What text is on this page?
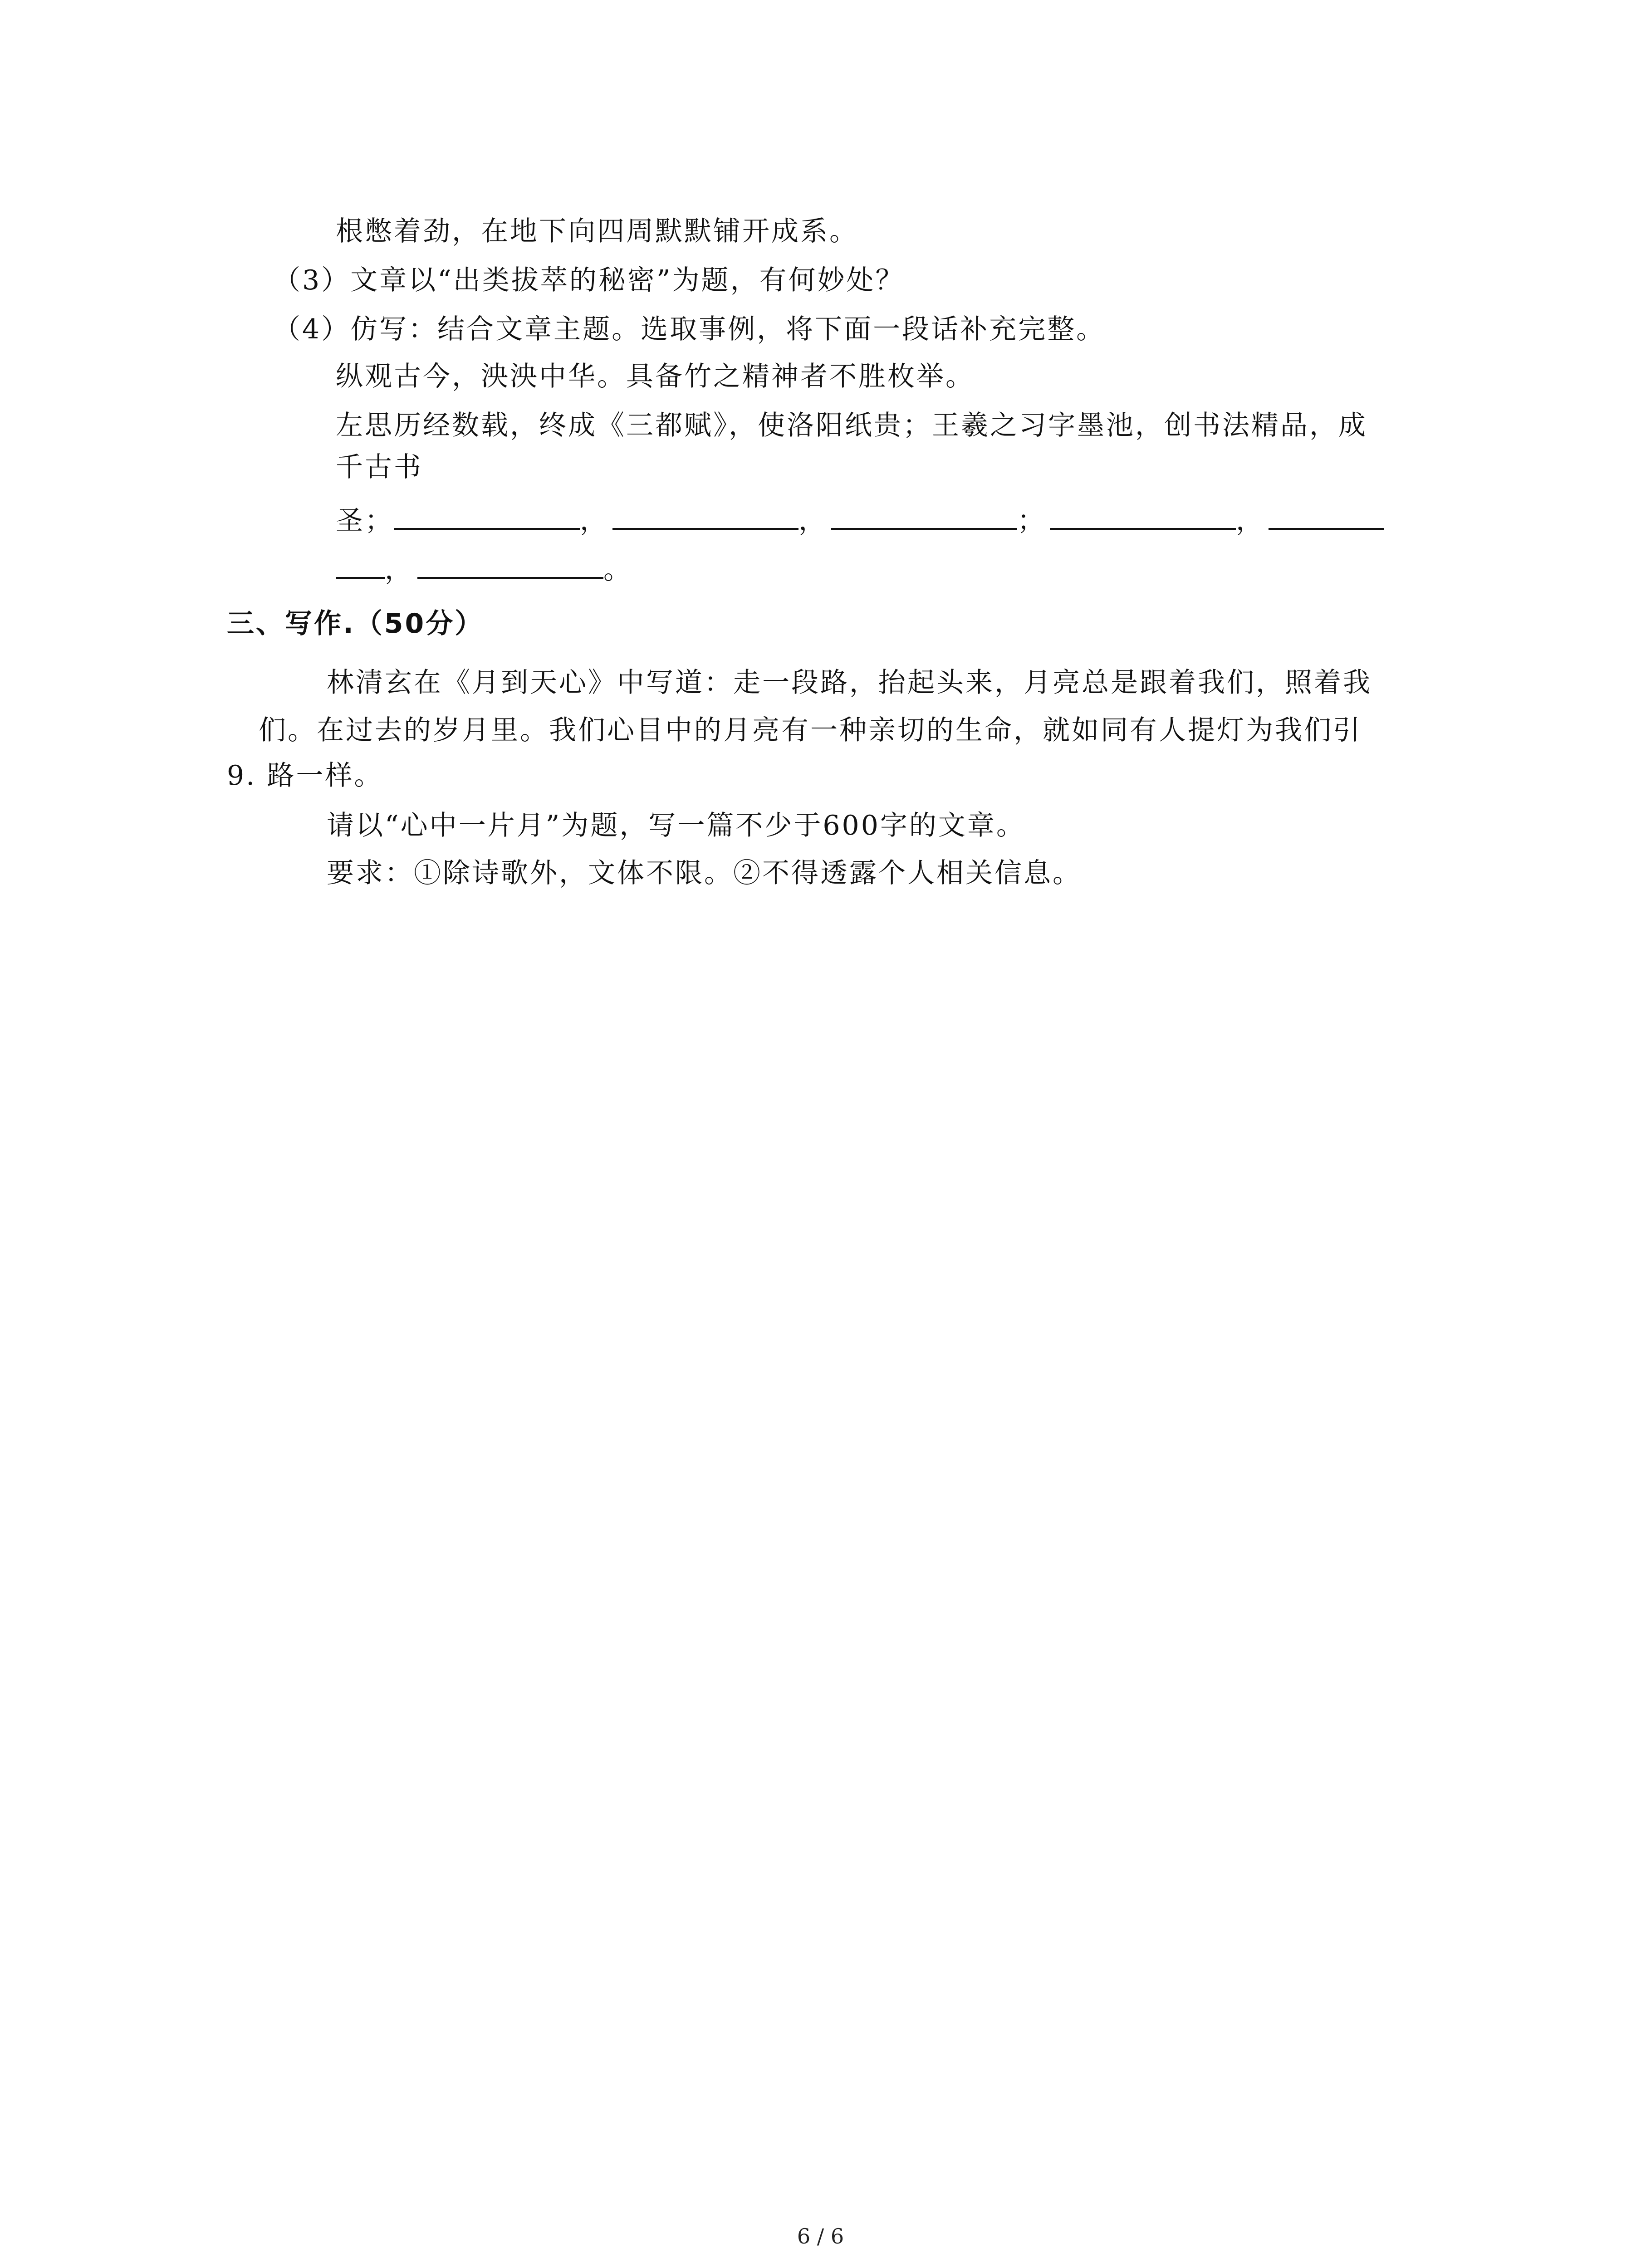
根憋着劲，在地下向四周默默铺开成系。
（3）文章以“出类拔萃的秘密”为题，有何妙处？
（4）仿写：结合文章主题。选取事例，将下面一段话补充完整。
纵观古今，泱泱中华。具备竹之精神者不胜枚举。
左思历经数载，终成《三都赋》，使洛阳纸贵；王羲之习字墨池，创书法精品，成
千古书
圣；	，	，	；	，
，	。
三、写作.（50分）
林清玄在《月到天心》中写道：走一段路，抬起头来，月亮总是跟着我们，照着我
们。在过去的岁月里。我们心目中的月亮有一种亲切的生命，就如同有人提灯为我们引
9. 路一样。
请以“心中一片月”为题，写一篇不少于600字的文章。
要求：①除诗歌外，文体不限。②不得透露个人相关信息。
6 / 6
